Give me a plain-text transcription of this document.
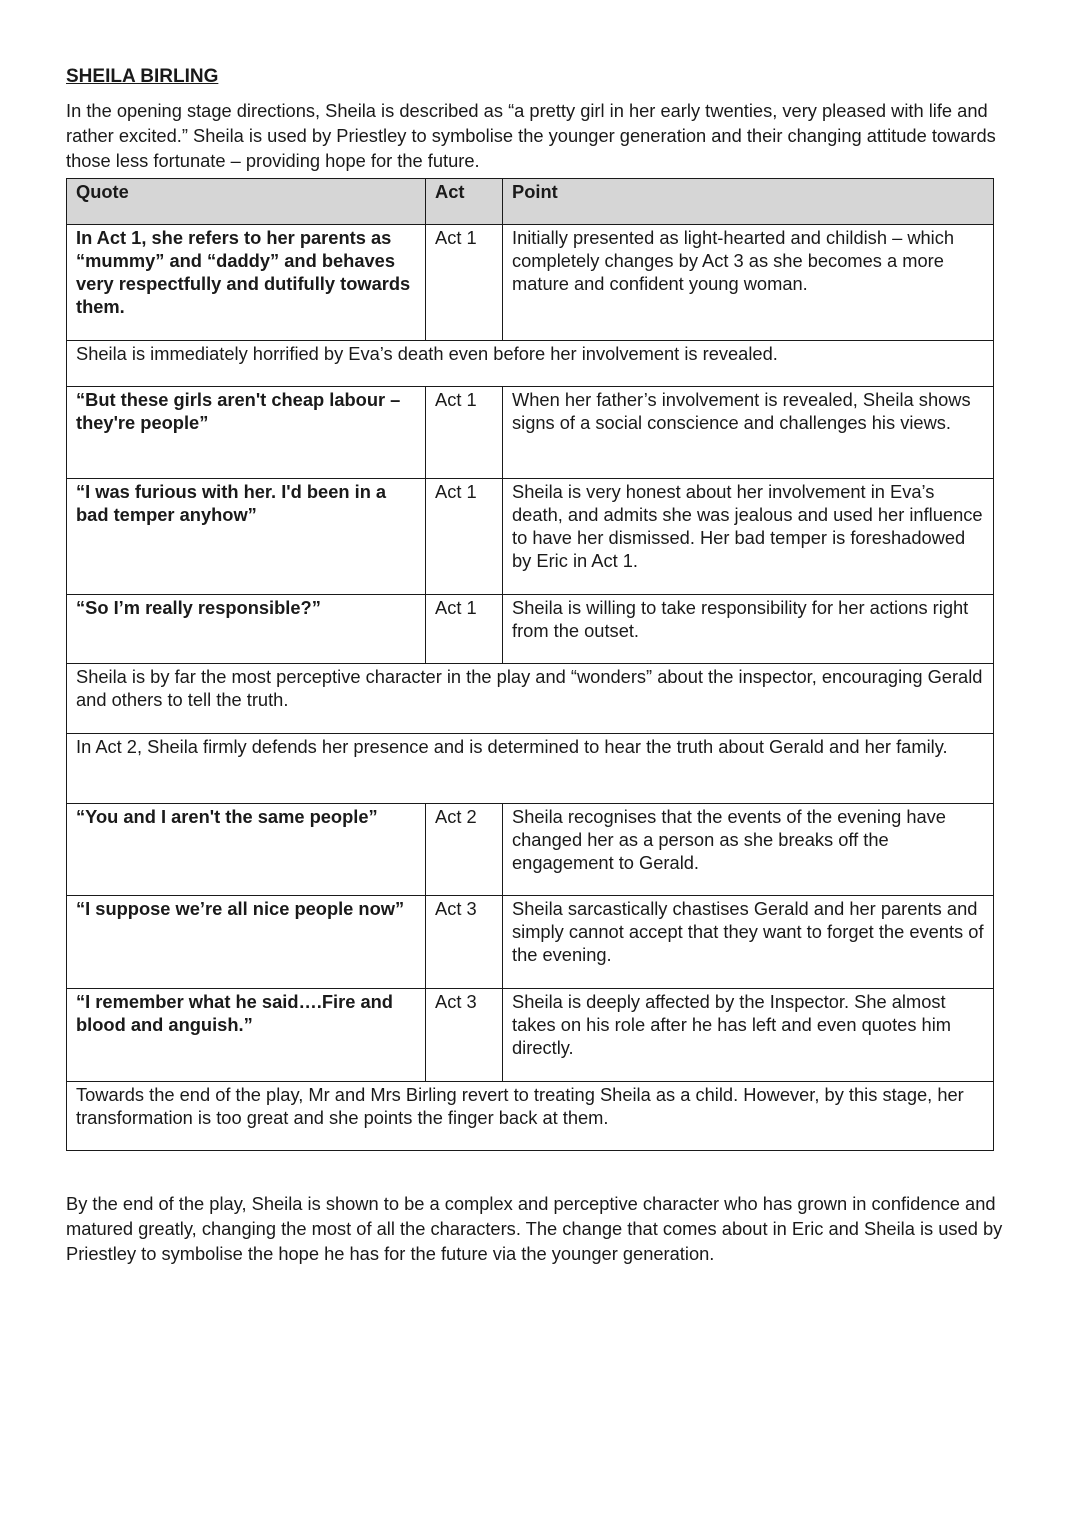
SHEILA BIRLING

In the opening stage directions, Sheila is described as “a pretty girl in her early twenties, very pleased with life and rather excited.” Sheila is used by Priestley to symbolise the younger generation and their changing attitude towards those less fortunate – providing hope for the future.

Quote	Act	Point
In Act 1, she refers to her parents as “mummy” and “daddy” and behaves very respectfully and dutifully towards them.	Act 1	Initially presented as light-hearted and childish – which completely changes by Act 3 as she becomes a more mature and confident young woman.
Sheila is immediately horrified by Eva’s death even before her involvement is revealed.		
“But these girls aren't cheap labour – they're people”	Act 1	When her father’s involvement is revealed, Sheila shows signs of a social conscience and challenges his views.
“I was furious with her. I'd been in a bad temper anyhow”	Act 1	Sheila is very honest about her involvement in Eva’s death, and admits she was jealous and used her influence to have her dismissed. Her bad temper is foreshadowed by Eric in Act 1.
“So I’m really responsible?”	Act 1	Sheila is willing to take responsibility for her actions right from the outset.
Sheila is by far the most perceptive character in the play and “wonders” about the inspector, encouraging Gerald and others to tell the truth.		
In Act 2, Sheila firmly defends her presence and is determined to hear the truth about Gerald and her family.		
“You and I aren't the same people”	Act 2	Sheila recognises that the events of the evening have changed her as a person as she breaks off the engagement to Gerald.
“I suppose we’re all nice people now”	Act 3	Sheila sarcastically chastises Gerald and her parents and simply cannot accept that they want to forget the events of the evening.
“I remember what he said….Fire and blood and anguish.”	Act 3	Sheila is deeply affected by the Inspector. She almost takes on his role after he has left and even quotes him directly.
Towards the end of the play, Mr and Mrs Birling revert to treating Sheila as a child. However, by this stage, her transformation is too great and she points the finger back at them.		

By the end of the play, Sheila is shown to be a complex and perceptive character who has grown in confidence and matured greatly, changing the most of all the characters. The change that comes about in Eric and Sheila is used by Priestley to symbolise the hope he has for the future via the younger generation.
